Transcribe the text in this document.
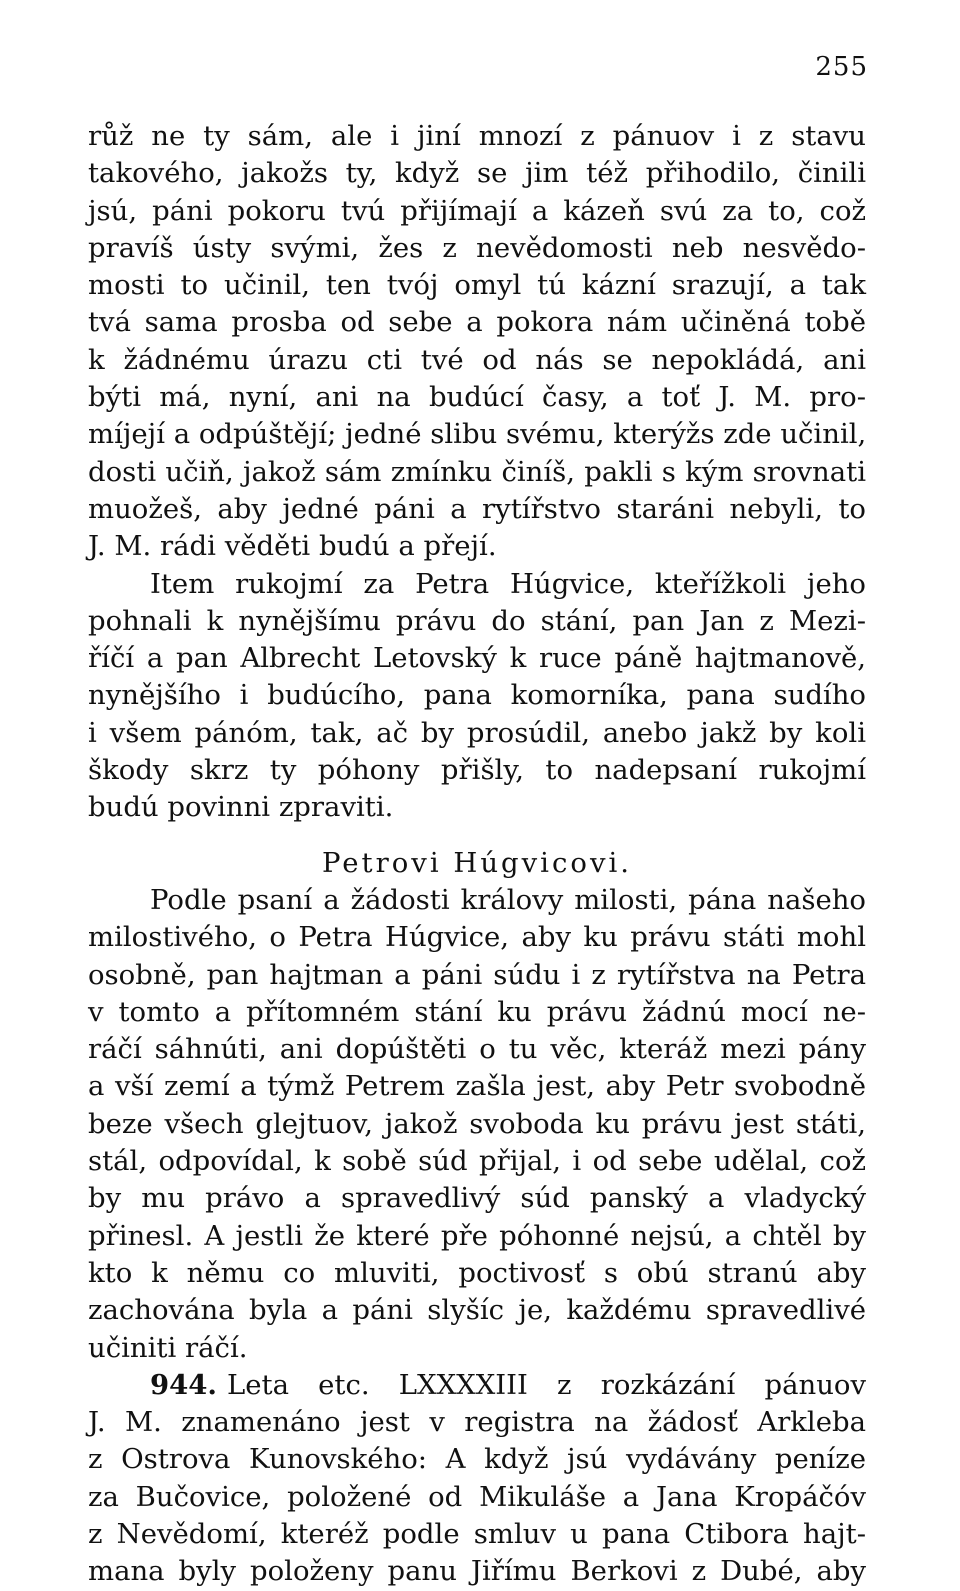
255
růž ne ty sám, ale i jiní mnozí z pánuov i z stavu
takového, jakožs ty, když se jim též přihodilo, činili
jsú, páni pokoru tvú přijímají a kázeň svú za to, což
pravíš ústy svými, žes z nevědomosti neb nesvědo-
mosti to učinil, ten tvój omyl tú kázní srazují, a tak
tvá sama prosba od sebe a pokora nám učiněná tobě
k žádnému úrazu cti tvé od nás se nepokládá, ani
býti má, nyní, ani na budúcí časy, a toť J. M. pro-
míjejí a odpúštějí; jedné slibu svému, kterýžs zde učinil,
dosti učiň, jakož sám zmínku činíš, pakli s kým srovnati
muožeš, aby jedné páni a rytířstvo staráni nebyli, to
J. M. rádi věděti budú a přejí.
Item rukojmí za Petra Húgvice, kteřížkoli jeho
pohnali k nynějšímu právu do stání, pan Jan z Mezi-
říčí a pan Albrecht Letovský k ruce páně hajtmanově,
nynějšího i budúcího, pana komorníka, pana sudího
i všem pánóm, tak, ač by prosúdil, anebo jakž by koli
škody skrz ty póhony přišly, to nadepsaní rukojmí
budú povinni zpraviti.
Petrovi Húgvicovi.
Podle psaní a žádosti královy milosti, pána našeho
milostivého, o Petra Húgvice, aby ku právu státi mohl
osobně, pan hajtman a páni súdu i z rytířstva na Petra
v tomto a přítomném stání ku právu žádnú mocí ne-
ráčí sáhnúti, ani dopúštěti o tu věc, kteráž mezi pány
a vší zemí a týmž Petrem zašla jest, aby Petr svobodně
beze všech glejtuov, jakož svoboda ku právu jest státi,
stál, odpovídal, k sobě súd přijal, i od sebe udělal, což
by mu právo a spravedlivý súd panský a vladycký
přinesl. A jestli že které pře póhonné nejsú, a chtěl by
kto k němu co mluviti, poctivosť s obú stranú aby
zachována byla a páni slyšíc je, každému spravedlivé
učiniti ráčí.
944. Leta etc. LXXXXIII z rozkázání pánuov
J. M. znamenáno jest v registra na žádosť Arkleba
z Ostrova Kunovského: A když jsú vydávány peníze
za Bučovice, položené od Mikuláše a Jana Kropáčóv
z Nevědomí, kteréž podle smluv u pana Ctibora hajt-
mana byly položeny panu Jiřímu Berkovi z Dubé, aby
